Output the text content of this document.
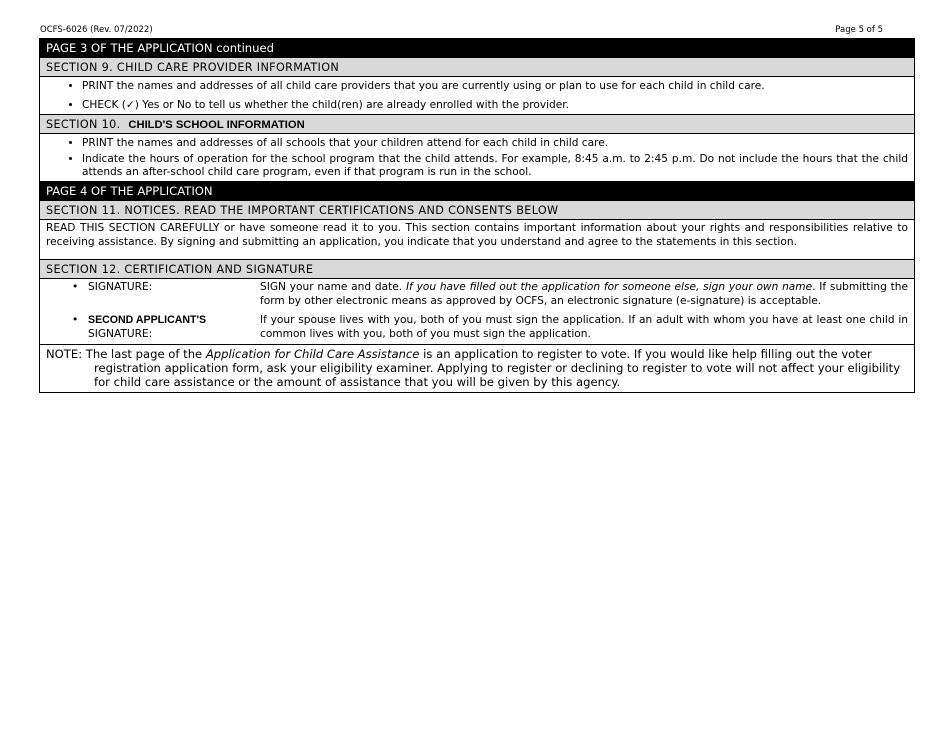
OCFS-6026 (Rev. 07/2022)	Page 5 of 5
PAGE 3 OF THE APPLICATION continued
SECTION 9. CHILD CARE PROVIDER INFORMATION
• PRINT the names and addresses of all child care providers that you are currently using or plan to use for each child in child care.
• CHECK (✓) Yes or No to tell us whether the child(ren) are already enrolled with the provider.
SECTION 10. CHILD'S SCHOOL INFORMATION
• PRINT the names and addresses of all schools that your children attend for each child in child care.
• Indicate the hours of operation for the school program that the child attends. For example, 8:45 a.m. to 2:45 p.m. Do not include the hours that the child attends an after-school child care program, even if that program is run in the school.
PAGE 4 OF THE APPLICATION
SECTION 11. NOTICES. READ THE IMPORTANT CERTIFICATIONS AND CONSENTS BELOW
READ THIS SECTION CAREFULLY or have someone read it to you. This section contains important information about your rights and responsibilities relative to receiving assistance. By signing and submitting an application, you indicate that you understand and agree to the statements in this section.
SECTION 12. CERTIFICATION AND SIGNATURE
• SIGNATURE:	SIGN your name and date. If you have filled out the application for someone else, sign your own name. If submitting the form by other electronic means as approved by OCFS, an electronic signature (e-signature) is acceptable.
• SECOND APPLICANT'S
SIGNATURE:
If your spouse lives with you, both of you must sign the application. If an adult with whom you have at least one child in common lives with you, both of you must sign the application.
NOTE: The last page of the Application for Child Care Assistance is an application to register to vote. If you would like help filling out the voter
registration application form, ask your eligibility examiner. Applying to register or declining to register to vote will not affect your eligibility for child care assistance or the amount of assistance that you will be given by this agency.
